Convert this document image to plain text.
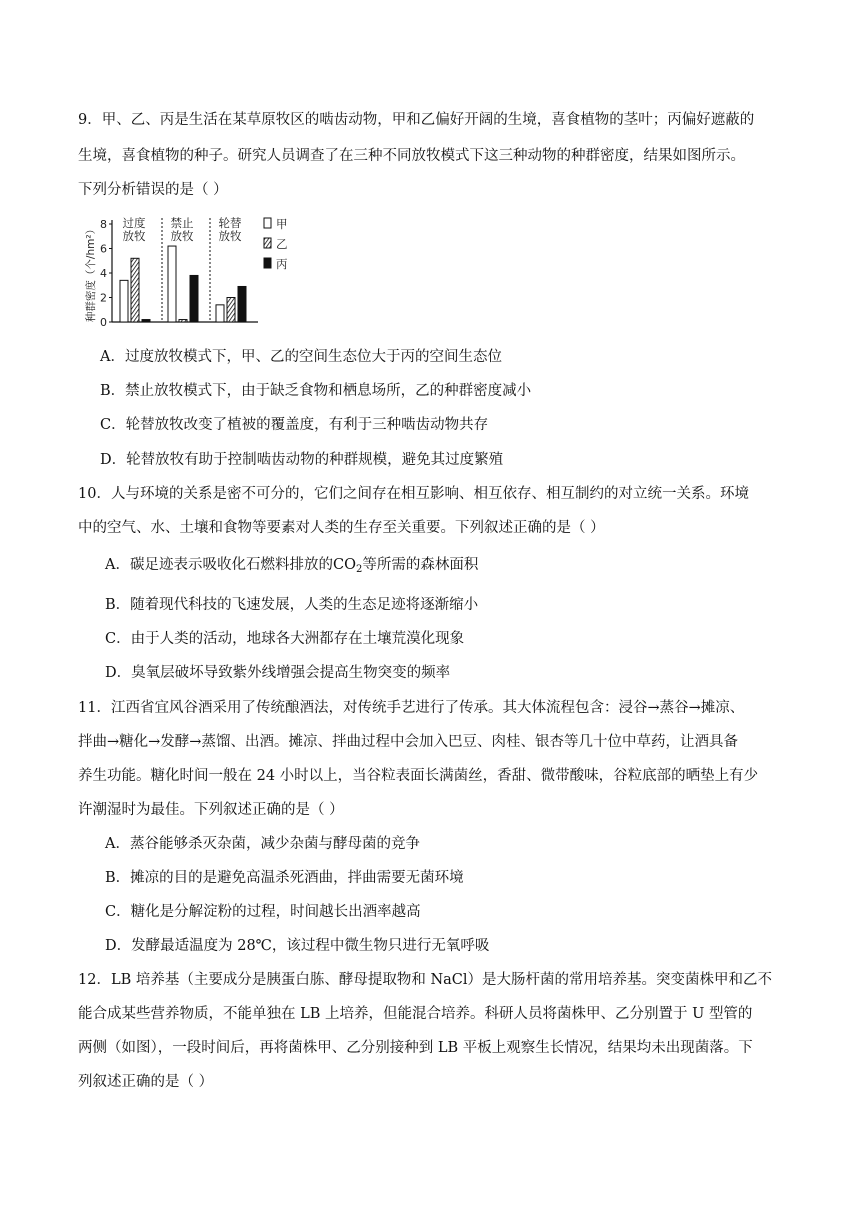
9．甲、乙、丙是生活在某草原牧区的啮齿动物，甲和乙偏好开阔的生境，喜食植物的茎叶；丙偏好遮蔽的
生境，喜食植物的种子。研究人员调查了在三种不同放牧模式下这三种动物的种群密度，结果如图所示。
下列分析错误的是（ ）
0
2
4
6
8
种群密度（个/hm²）
过度
放牧
禁止
放牧
轮替
放牧
甲
乙
丙
A．过度放牧模式下，甲、乙的空间生态位大于丙的空间生态位
B．禁止放牧模式下，由于缺乏食物和栖息场所，乙的种群密度减小
C．轮替放牧改变了植被的覆盖度，有利于三种啮齿动物共存
D．轮替放牧有助于控制啮齿动物的种群规模，避免其过度繁殖
10．人与环境的关系是密不可分的，它们之间存在相互影响、相互依存、相互制约的对立统一关系。环境
中的空气、水、土壤和食物等要素对人类的生存至关重要。下列叙述正确的是（ ）
A．碳足迹表示吸收化石燃料排放的$CO_2$等所需的森林面积
B．随着现代科技的飞速发展，人类的生态足迹将逐渐缩小
C．由于人类的活动，地球各大洲都存在土壤荒漠化现象
D．臭氧层破坏导致紫外线增强会提高生物突变的频率
11．江西省宜风谷酒采用了传统酿酒法，对传统手艺进行了传承。其大体流程包含：浸谷→蒸谷→摊凉、
拌曲→糖化→发酵→蒸馏、出酒。摊凉、拌曲过程中会加入巴豆、肉桂、银杏等几十位中草药，让酒具备
养生功能。糖化时间一般在 24 小时以上，当谷粒表面长满菌丝，香甜、微带酸味，谷粒底部的晒垫上有少
许潮湿时为最佳。下列叙述正确的是（ ）
A．蒸谷能够杀灭杂菌，减少杂菌与酵母菌的竞争
B．摊凉的目的是避免高温杀死酒曲，拌曲需要无菌环境
C．糖化是分解淀粉的过程，时间越长出酒率越高
D．发酵最适温度为 28℃，该过程中微生物只进行无氧呼吸
12．LB 培养基（主要成分是胰蛋白胨、酵母提取物和 NaCl）是大肠杆菌的常用培养基。突变菌株甲和乙不
能合成某些营养物质，不能单独在 LB 上培养，但能混合培养。科研人员将菌株甲、乙分别置于 U 型管的
两侧（如图），一段时间后，再将菌株甲、乙分别接种到 LB 平板上观察生长情况，结果均未出现菌落。下
列叙述正确的是（ ）
